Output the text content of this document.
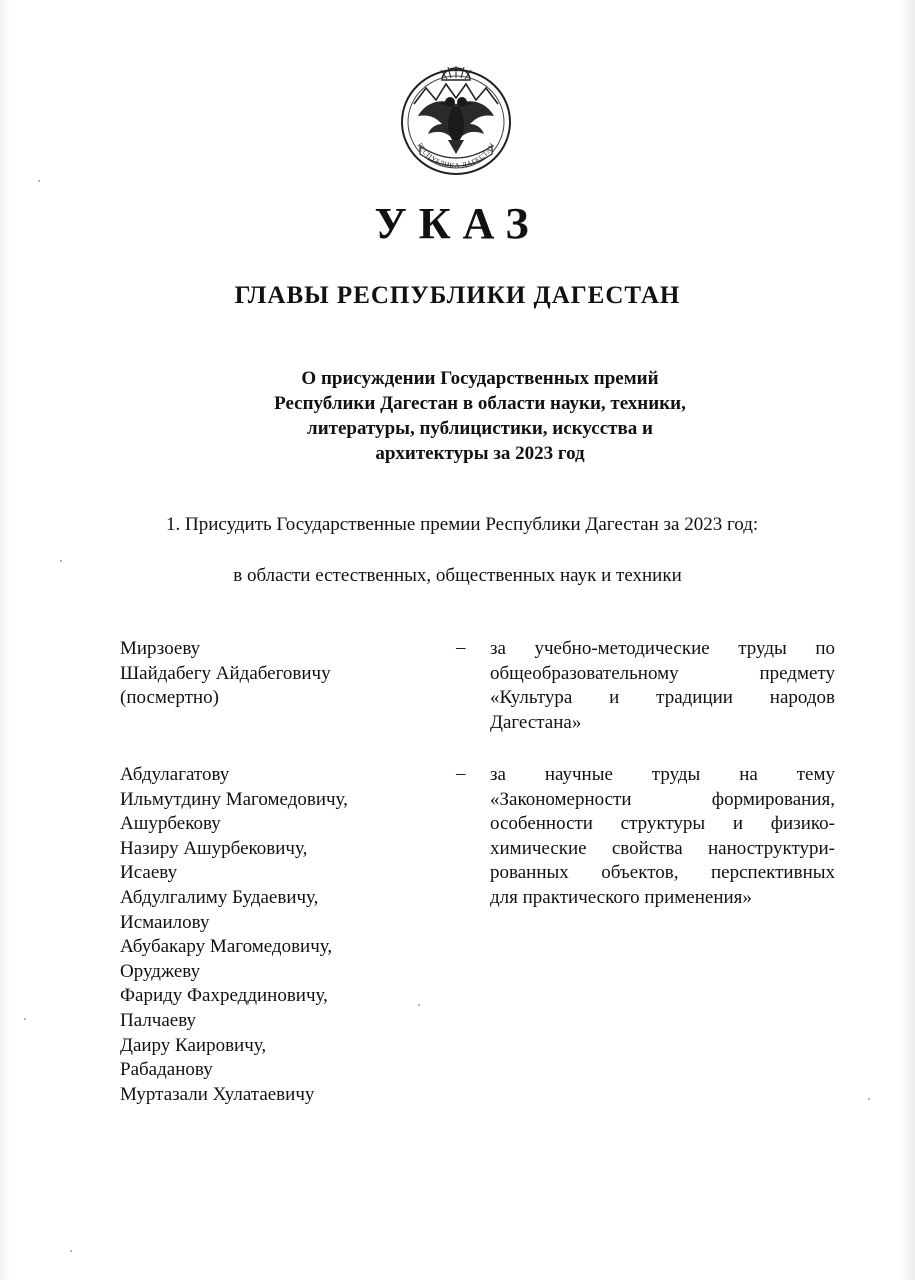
РЕСПУБЛИКА ДАГЕСТАН
УКАЗ
ГЛАВЫ РЕСПУБЛИКИ ДАГЕСТАН
О присуждении Государственных премий
Республики Дагестан в области науки, техники,
литературы, публицистики, искусства и
архитектуры за 2023 год
1. Присудить Государственные премии Республики Дагестан за 2023 год:
в области естественных, общественных наук и техники
Мирзоеву
Шайдабегу Айдабеговичу
(посмертно)
– за учебно-методические труды по
общеобразовательному предмету
«Культура и традиции народов
Дагестана»
Абдулагатову
Ильмутдину Магомедовичу,
Ашурбекову
Назиру Ашурбековичу,
Исаеву
Абдулгалиму Будаевичу,
Исмаилову
Абубакару Магомедовичу,
Оруджеву
Фариду Фахреддиновичу,
Палчаеву
Даиру Каировичу,
Рабаданову
Муртазали Хулатаевичу
– за научные труды на тему
«Закономерности формирования,
особенности структуры и физико-
химические свойства наноструктури-
рованных объектов, перспективных
для практического применения»
